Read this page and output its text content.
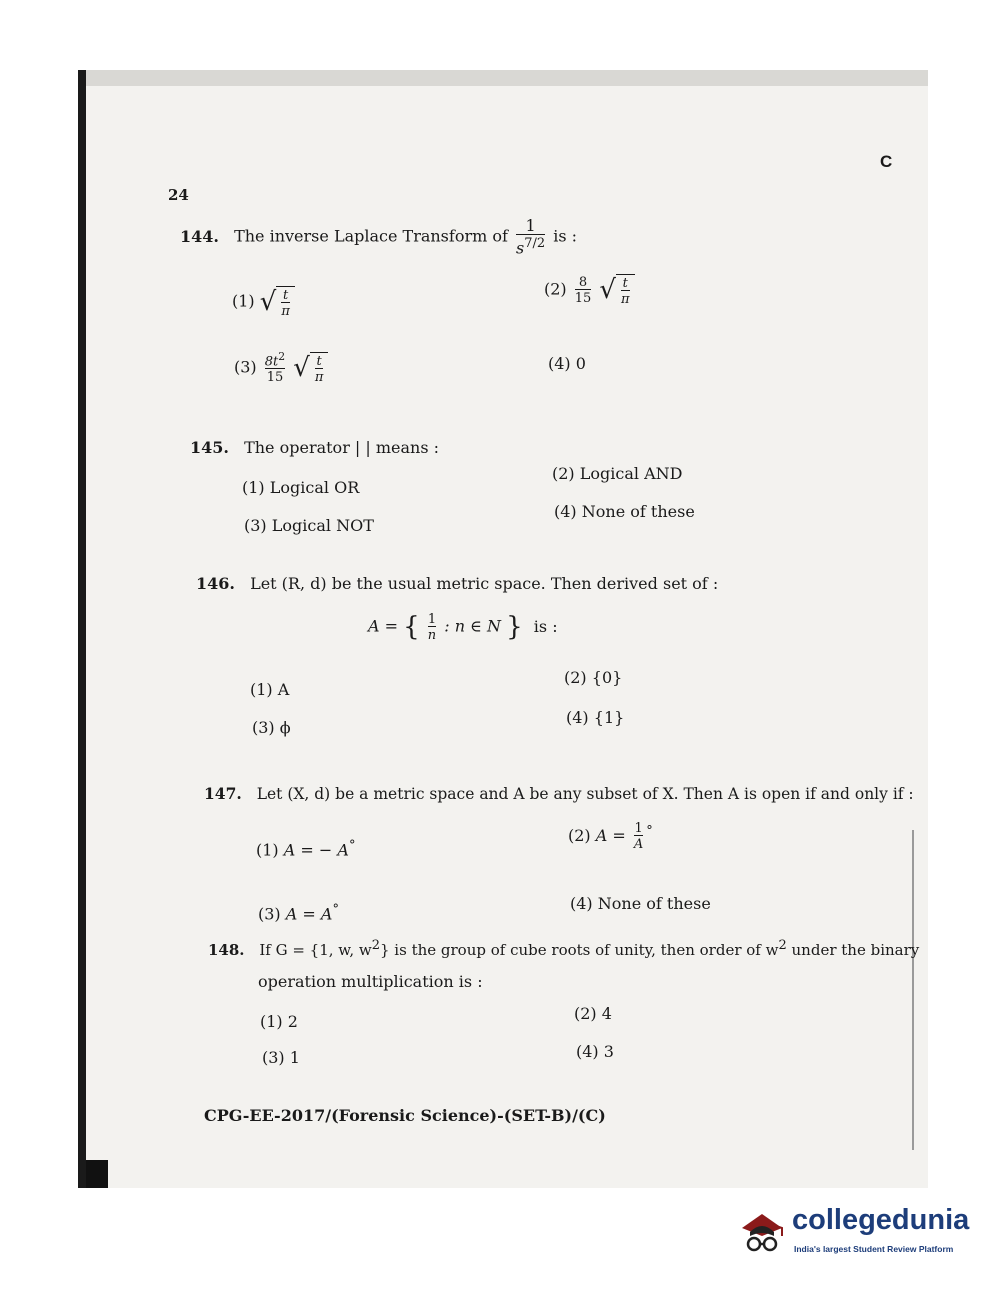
24
C
144. The inverse Laplace Transform of $\frac{1}{s^{7/2}}$ is :
(1) √ $\frac{t}{\pi}$	$(2) \frac{8}{15}$
√ $\frac{t}{\pi}$
$(3) \frac{8t^2}{15}$
√ $\frac{t}{\pi}$	(4) 0
145. The operator | | means :
(1) Logical OR
(2) Logical AND
(3) Logical NOT
(4) None of these
146. Let (R, d) be the usual metric space. Then derived set of :
A = { $\frac{1}{n}$ : n ∈ N } is :
(1) A
(2) {0}
(3) ϕ
(4) {1}
147. Let (X, d) be a metric space and A be any subset of X. Then A is open if and only if :
(1) A = − A°
(2) $A = \frac{1}{A} ^\circ$
(3) A = A°	(4) None of these
148. If G = {1, w, $w^2$} is the group of cube roots of unity, then order of $w^2$ under the binary
operation multiplication is :
(1) 2	(2) 4
(3) 1	(4) 3
CPG-EE-2017/(Forensic Science)-(SET-B)/(C)
collegedunia
India's largest Student Review Platform
